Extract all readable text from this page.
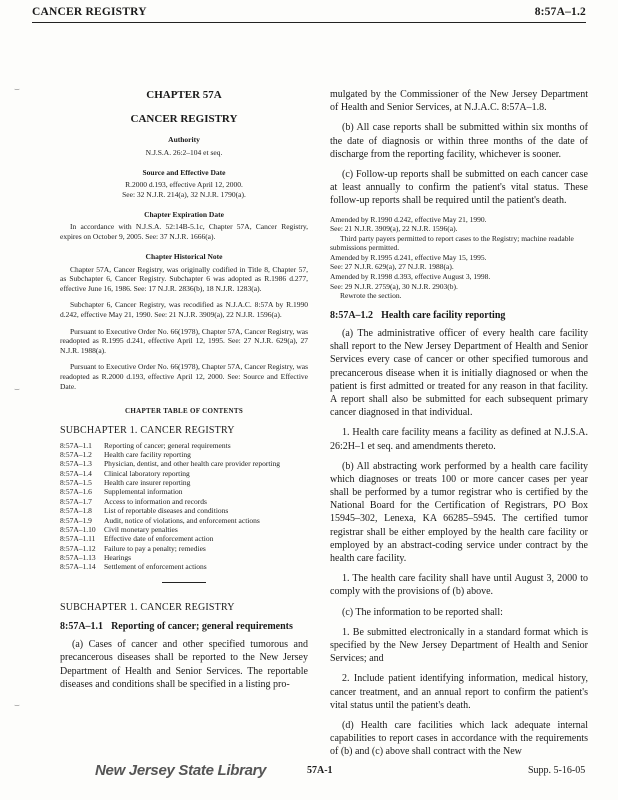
CANCER REGISTRY	8:57A–1.2
⌣
⌣
⌣
CHAPTER 57A
CANCER REGISTRY
Authority
N.J.S.A. 26:2–104 et seq.
Source and Effective Date
R.2000 d.193, effective April 12, 2000.
See: 32 N.J.R. 214(a), 32 N.J.R. 1790(a).
Chapter Expiration Date

In accordance with N.J.S.A. 52:14B-5.1c, Chapter 57A, Cancer Registry, expires on October 9, 2005. See: 37 N.J.R. 1666(a).

Chapter Historical Note

Chapter 57A, Cancer Registry, was originally codified in Title 8, Chapter 57, as Subchapter 6, Cancer Registry. Subchapter 6 was adopted as R.1986 d.277, effective June 16, 1986. See: 17 N.J.R. 2836(b), 18 N.J.R. 1283(a).

Subchapter 6, Cancer Registry, was recodified as N.J.A.C. 8:57A by R.1990 d.242, effective May 21, 1990. See: 21 N.J.R. 3909(a), 22 N.J.R. 1596(a).

Pursuant to Executive Order No. 66(1978), Chapter 57A, Cancer Registry, was readopted as R.1995 d.241, effective April 12, 1995. See: 27 N.J.R. 629(a), 27 N.J.R. 1988(a).

Pursuant to Executive Order No. 66(1978), Chapter 57A, Cancer Registry, was readopted as R.2000 d.193, effective April 12, 2000. See: Source and Effective Date.

CHAPTER TABLE OF CONTENTS
SUBCHAPTER 1. CANCER REGISTRY
8:57A–1.1	Reporting of cancer; general requirements
8:57A–1.2	Health care facility reporting
8:57A–1.3	Physician, dentist, and other health care provider reporting
8:57A–1.4	Clinical laboratory reporting
8:57A–1.5	Health care insurer reporting
8:57A–1.6	Supplemental information
8:57A–1.7	Access to information and records
8:57A–1.8	List of reportable diseases and conditions
8:57A–1.9	Audit, notice of violations, and enforcement actions
8:57A–1.10	Civil monetary penalties
8:57A–1.11	Effective date of enforcement action
8:57A–1.12	Failure to pay a penalty; remedies
8:57A–1.13	Hearings
8:57A–1.14	Settlement of enforcement actions
SUBCHAPTER 1. CANCER REGISTRY
8:57A–1.1 Reporting of cancer; general requirements

(a) Cases of cancer and other specified tumorous and precancerous diseases shall be reported to the New Jersey Department of Health and Senior Services. The reportable diseases and conditions shall be specified in a listing pro-

mulgated by the Commissioner of the New Jersey Department of Health and Senior Services, at N.J.A.C. 8:57A–1.8.

(b) All case reports shall be submitted within six months of the date of diagnosis or within three months of the date of discharge from the reporting facility, whichever is sooner.

(c) Follow-up reports shall be submitted on each cancer case at least annually to confirm the patient's vital status. These follow-up reports shall be required until the patient's death.

Amended by R.1990 d.242, effective May 21, 1990.
See: 21 N.J.R. 3909(a), 22 N.J.R. 1596(a).
Third party payers permitted to report cases to the Registry; machine readable submissions permitted.
Amended by R.1995 d.241, effective May 15, 1995.
See: 27 N.J.R. 629(a), 27 N.J.R. 1988(a).
Amended by R.1998 d.393, effective August 3, 1998.
See: 29 N.J.R. 2759(a), 30 N.J.R. 2903(b).
Rewrote the section.
8:57A–1.2 Health care facility reporting

(a) The administrative officer of every health care facility shall report to the New Jersey Department of Health and Senior Services every case of cancer or other specified tumorous and precancerous disease when it is initially diagnosed or when the patient is first admitted or treated for any reason in that facility. A report shall also be submitted for each subsequent primary cancer diagnosed in that individual.

1. Health care facility means a facility as defined at N.J.S.A. 26:2H–1 et seq. and amendments thereto.

(b) All abstracting work performed by a health care facility which diagnoses or treats 100 or more cancer cases per year shall be performed by a tumor registrar who is certified by the National Board for the Certification of Registrars, PO Box 15945–302, Lenexa, KA 66285–5945. The certified tumor registrar shall be either employed by the health care facility or employed by an abstract-coding service under contract by the health care facility.

1. The health care facility shall have until August 3, 2000 to comply with the provisions of (b) above.

(c) The information to be reported shall:

1. Be submitted electronically in a standard format which is specified by the New Jersey Department of Health and Senior Services; and

2. Include patient identifying information, medical history, cancer treatment, and an annual report to confirm the patient's vital status until the patient's death.

(d) Health care facilities which lack adequate internal capabilities to report cases in accordance with the requirements of (b) and (c) above shall contract with the New

New Jersey State Library	57A-1	Supp. 5-16-05
